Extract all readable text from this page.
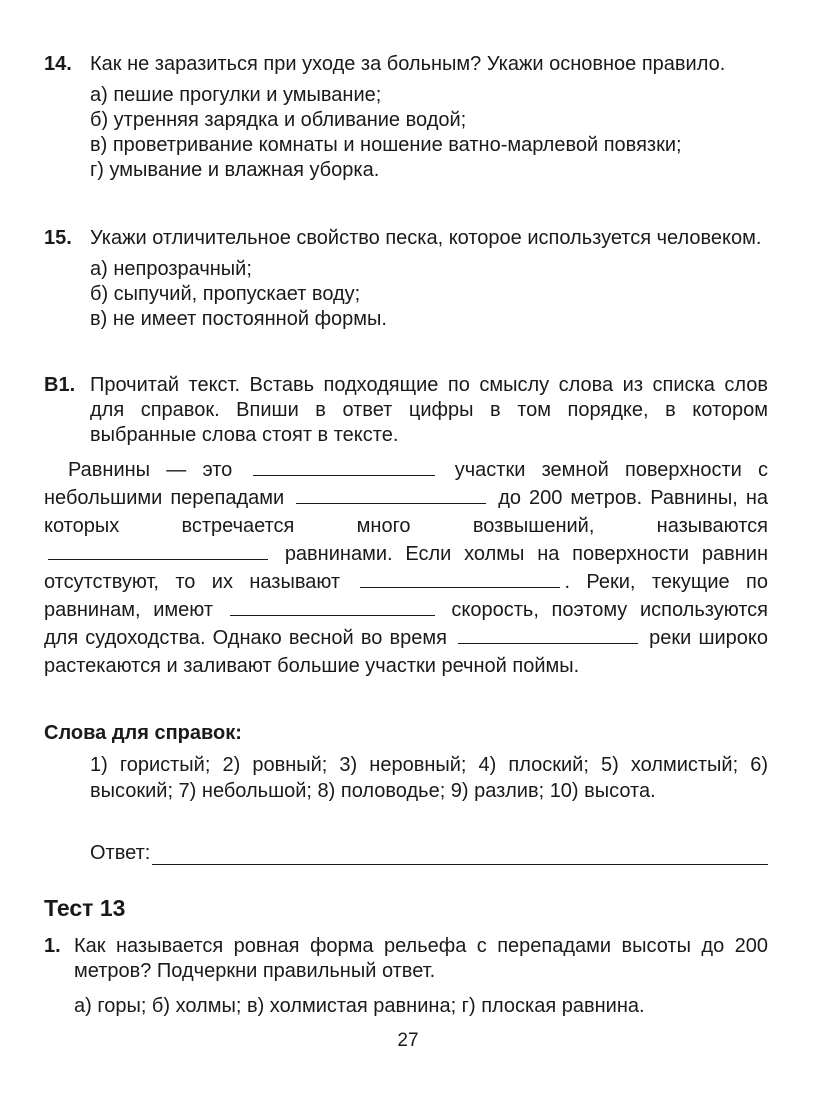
14. Как не заразиться при уходе за больным? Укажи основное правило.
а) пешие прогулки и умывание;
б) утренняя зарядка и обливание водой;
в) проветривание комнаты и ношение ватно-марлевой повязки;
г) умывание и влажная уборка.
15. Укажи отличительное свойство песка, которое используется человеком.
а) непрозрачный;
б) сыпучий, пропускает воду;
в) не имеет постоянной формы.
В1. Прочитай текст. Вставь подходящие по смыслу слова из списка слов для справок. Впиши в ответ цифры в том порядке, в котором выбранные слова стоят в тексте.
Равнины — это	участки земной поверхности с небольшими перепадами	до 200 метров. Равнины, на которых встречается много возвышений, называются  равнинами. Если холмы на поверхности равнин отсутствуют, то их называют	. Реки, текущие по равнинам, имеют	скорость, поэтому используются для судоходства. Однако весной во время	реки широко растекаются и заливают большие участки речной поймы.
Слова для справок:
1) гористый; 2) ровный; 3) неровный; 4) плоский; 5) холмистый; 6) высокий; 7) небольшой; 8) половодье; 9) разлив; 10) высота.
Ответ:
Тест 13
1. Как называется ровная форма рельефа с перепадами высоты до 200 метров? Подчеркни правильный ответ.
а) горы; б) холмы; в) холмистая равнина; г) плоская равнина.
27
